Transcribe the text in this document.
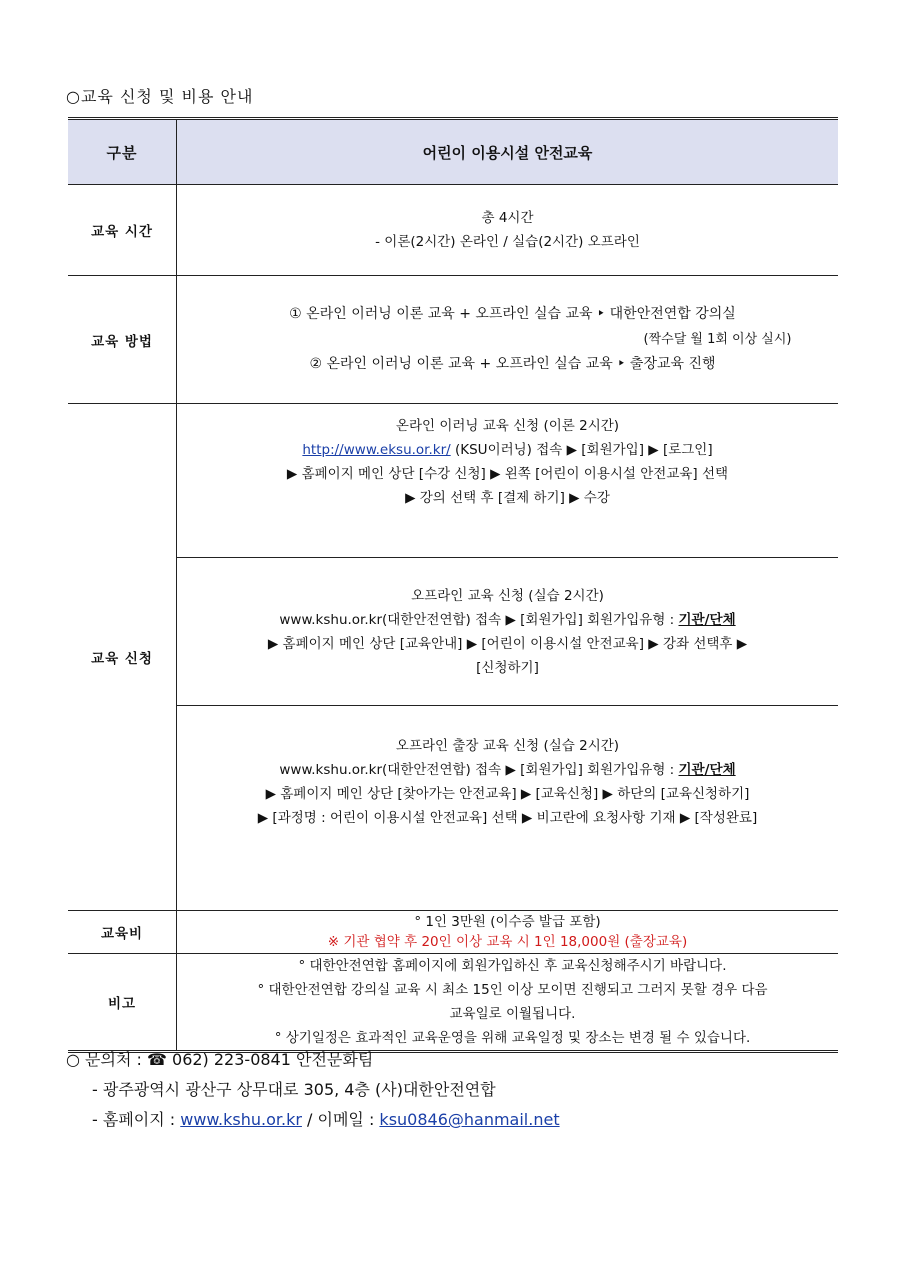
○교육 신청 및 비용 안내
구분	어린이 이용시설 안전교육
교육 시간	총 4시간

- 이론(2시간) 온라인 / 실습(2시간) 오프라인

교육 방법	① 온라인 이러닝 이론 교육 + 오프라인 실습 교육 ‣ 대한안전연합 강의실

(짝수달 월 1회 이상 실시)

② 온라인 이러닝 이론 교육 + 오프라인 실습 교육 ‣ 출장교육 진행

교육 신청	온라인 이러닝 교육 신청 (이론 2시간)

http://www.eksu.or.kr/ (KSU이러닝) 접속 ▶ [회원가입] ▶ [로그인]

▶ 홈페이지 메인 상단 [수강 신청] ▶ 왼쪽 [어린이 이용시설 안전교육] 선택

▶ 강의 선택 후 [결제 하기] ▶ 수강

	오프라인 교육 신청 (실습 2시간)

www.kshu.or.kr(대한안전연합) 접속 ▶ [회원가입] 회원가입유형 : 기관/단체

▶ 홈페이지 메인 상단 [교육안내] ▶ [어린이 이용시설 안전교육] ▶ 강좌 선택후 ▶

[신청하기]

	오프라인 출장 교육 신청 (실습 2시간)

www.kshu.or.kr(대한안전연합) 접속 ▶ [회원가입] 회원가입유형 : 기관/단체

▶ 홈페이지 메인 상단 [찾아가는 안전교육] ▶ [교육신청] ▶ 하단의 [교육신청하기]

▶ [과정명 : 어린이 이용시설 안전교육] 선택 ▶ 비고란에 요청사항 기재 ▶ [작성완료]

교육비	° 1인 3만원 (이수증 발급 포함)

※ 기관 협약 후 20인 이상 교육 시 1인 18,000원 (출장교육)

비고	° 대한안전연합 홈페이지에 회원가입하신 후 교육신청해주시기 바랍니다.

° 대한안전연합 강의실 교육 시 최소 15인 이상 모이면 진행되고 그러지 못할 경우 다음

교육일로 이월됩니다.

° 상기일정은 효과적인 교육운영을 위해 교육일정 및 장소는 변경 될 수 있습니다.

○ 문의처 : ☎ 062) 223-0841 안전문화팀

- 광주광역시 광산구 상무대로 305, 4층 (사)대한안전연합

- 홈페이지 : www.kshu.or.kr / 이메일 : ksu0846@hanmail.net
